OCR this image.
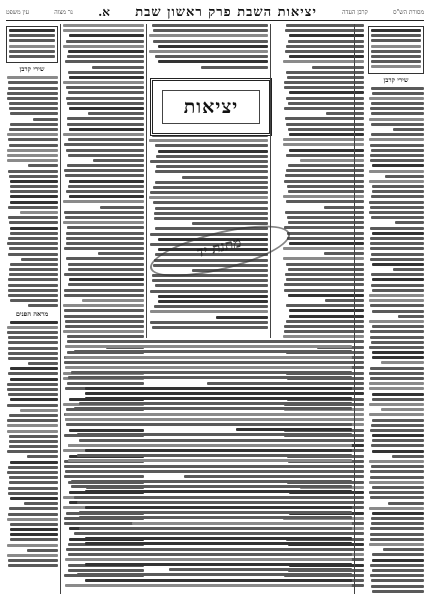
מסורת הש"ס
קרבן העדה
יציאות השבת פרק ראשון שבת
א.
נר מצוה
עין משפט
שירי קרבן
יציאות
שירי קרבן
מראה הפנים
מתנת יד
